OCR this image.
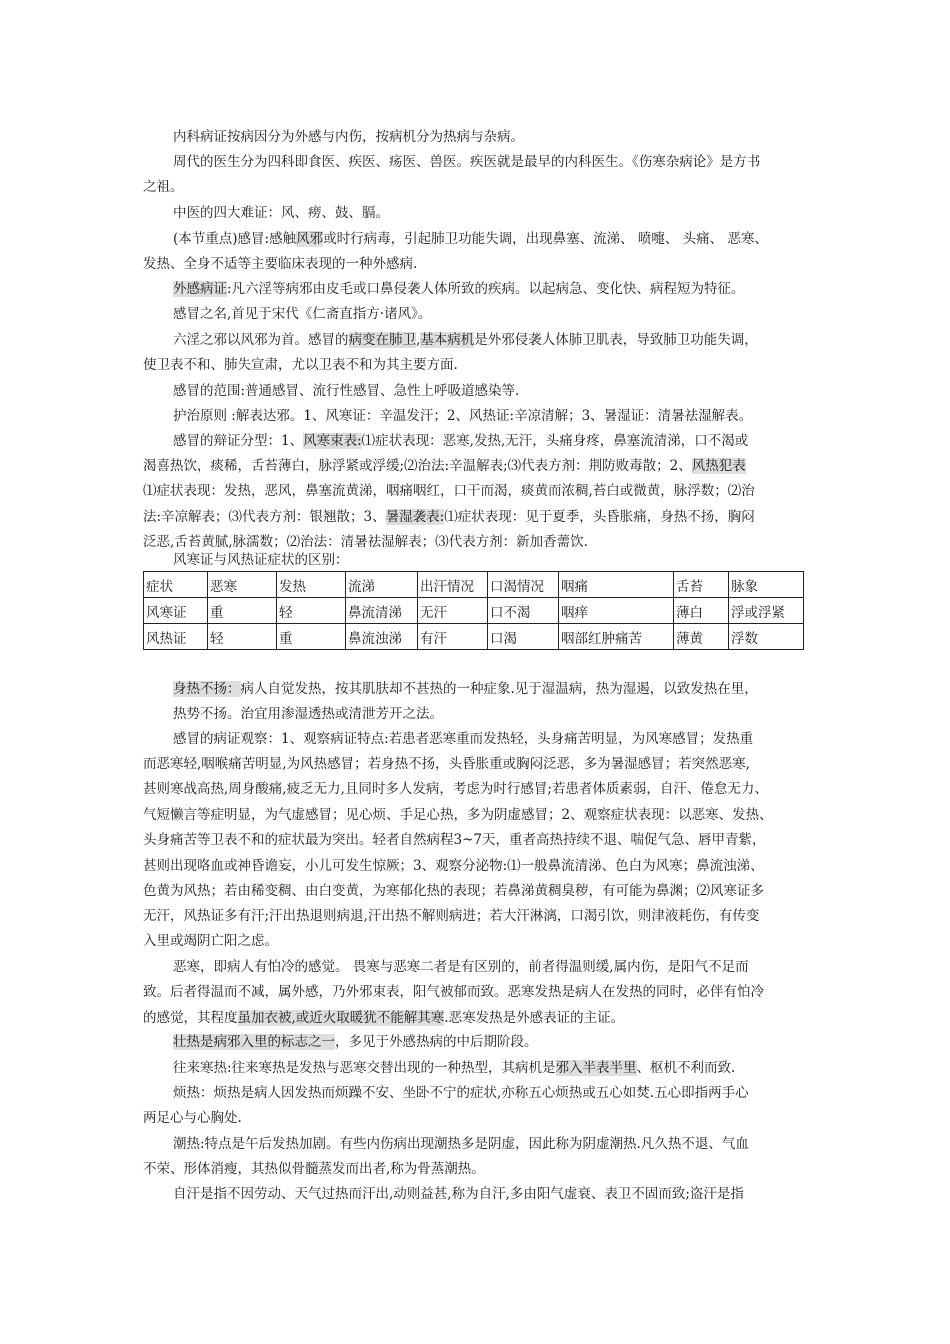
内科病证按病因分为外感与内伤，按病机分为热病与杂病。
周代的医生分为四科即食医、疾医、疡医、兽医。疾医就是最早的内科医生。《伤寒杂病论》是方书
之祖。
中医的四大难证：风、痨、鼓、膈。
(本节重点)感冒:感触风邪或时行病毒，引起肺卫功能失调，出现鼻塞、流涕、 喷嚏、 头痛、 恶寒、
发热、全身不适等主要临床表现的一种外感病.
外感病证:凡六淫等病邪由皮毛或口鼻侵袭人体所致的疾病。以起病急、变化快、病程短为特征。
感冒之名,首见于宋代《仁斋直指方·诸风》。
六淫之邪以风邪为首。感冒的病变在肺卫,基本病机是外邪侵袭人体肺卫肌表，导致肺卫功能失调，
使卫表不和、肺失宣肃，尤以卫表不和为其主要方面.
感冒的范围:普通感冒、流行性感冒、急性上呼吸道感染等.
护治原则 :解表达邪。1、风寒证：辛温发汗；2、风热证:辛凉清解；3、暑湿证：清暑祛湿解表。
感冒的辩证分型：1、风寒束表:⑴症状表现：恶寒,发热,无汗，头痛身疼，鼻塞流清涕，口不渴或
渴喜热饮，痰稀，舌苔薄白，脉浮紧或浮缓;⑵治法:辛温解表;⑶代表方剂：荆防败毒散；2、风热犯表
⑴症状表现：发热，恶风，鼻塞流黄涕，咽痛咽红，口干而渴，痰黄而浓稠,苔白或微黄，脉浮数；⑵治
法:辛凉解表；⑶代表方剂：银翘散；3、暑湿袭表:⑴症状表现：见于夏季，头昏胀痛，身热不扬，胸闷
泛恶,舌苔黄腻,脉濡数；⑵治法：清暑祛湿解表；⑶代表方剂：新加香薷饮.
风寒证与风热证症状的区别：
症状	恶寒	发热	流涕	出汗情况	口渴情况	咽痛	舌苔	脉象
风寒证	重	轻	鼻流清涕	无汗	口不渴	咽痒	薄白	浮或浮紧
风热证	轻	重	鼻流浊涕	有汗	口渴	咽部红肿痛苦	薄黄	浮数
身热不扬：病人自觉发热，按其肌肤却不甚热的一种症象.见于湿温病，热为湿遏，以致发热在里，
热势不扬。治宜用渗湿透热或清泄芳开之法。
感冒的病证观察：1、观察病证特点:若患者恶寒重而发热轻，头身痛苦明显，为风寒感冒；发热重
而恶寒轻,咽喉痛苦明显,为风热感冒；若身热不扬，头昏胀重或胸闷泛恶，多为暑湿感冒；若突然恶寒,
甚则寒战高热,周身酸痛,疲乏无力,且同时多人发病，考虑为时行感冒;若患者体质素弱，自汗、倦怠无力、
气短懒言等症明显，为气虚感冒；见心烦、手足心热，多为阴虚感冒；2、观察症状表现：以恶寒、发热、
头身痛苦等卫表不和的症状最为突出。轻者自然病程3~7天，重者高热持续不退、喘促气急、唇甲青紫，
甚则出现咯血或神昏谵妄，小儿可发生惊厥；3、观察分泌物:⑴一般鼻流清涕、色白为风寒；鼻流浊涕、
色黄为风热；若由稀变稠、由白变黄，为寒郁化热的表现；若鼻涕黄稠臭秽，有可能为鼻渊；⑵风寒证多
无汗，风热证多有汗;汗出热退则病退,汗出热不解则病进；若大汗淋漓，口渴引饮，则津液耗伤，有传变
入里或竭阴亡阳之虑。
恶寒，即病人有怕冷的感觉。 畏寒与恶寒二者是有区别的，前者得温则缓,属内伤，是阳气不足而
致。后者得温而不减，属外感，乃外邪束表，阳气被郁而致。恶寒发热是病人在发热的同时，必伴有怕冷
的感觉，其程度虽加衣被,或近火取暖犹不能解其寒.恶寒发热是外感表证的主证。
壮热是病邪入里的标志之一，多见于外感热病的中后期阶段。
往来寒热:往来寒热是发热与恶寒交替出现的一种热型，其病机是邪入半表半里、枢机不利而致.
烦热：烦热是病人因发热而烦躁不安、坐卧不宁的症状,亦称五心烦热或五心如焚.五心即指两手心
两足心与心胸处.
潮热:特点是午后发热加剧。有些内伤病出现潮热多是阴虚，因此称为阴虚潮热.凡久热不退、气血
不荣、形体消瘦，其热似骨髓蒸发而出者,称为骨蒸潮热。
自汗是指不因劳动、天气过热而汗出,动则益甚,称为自汗,多由阳气虚衰、表卫不固而致;盗汗是指
